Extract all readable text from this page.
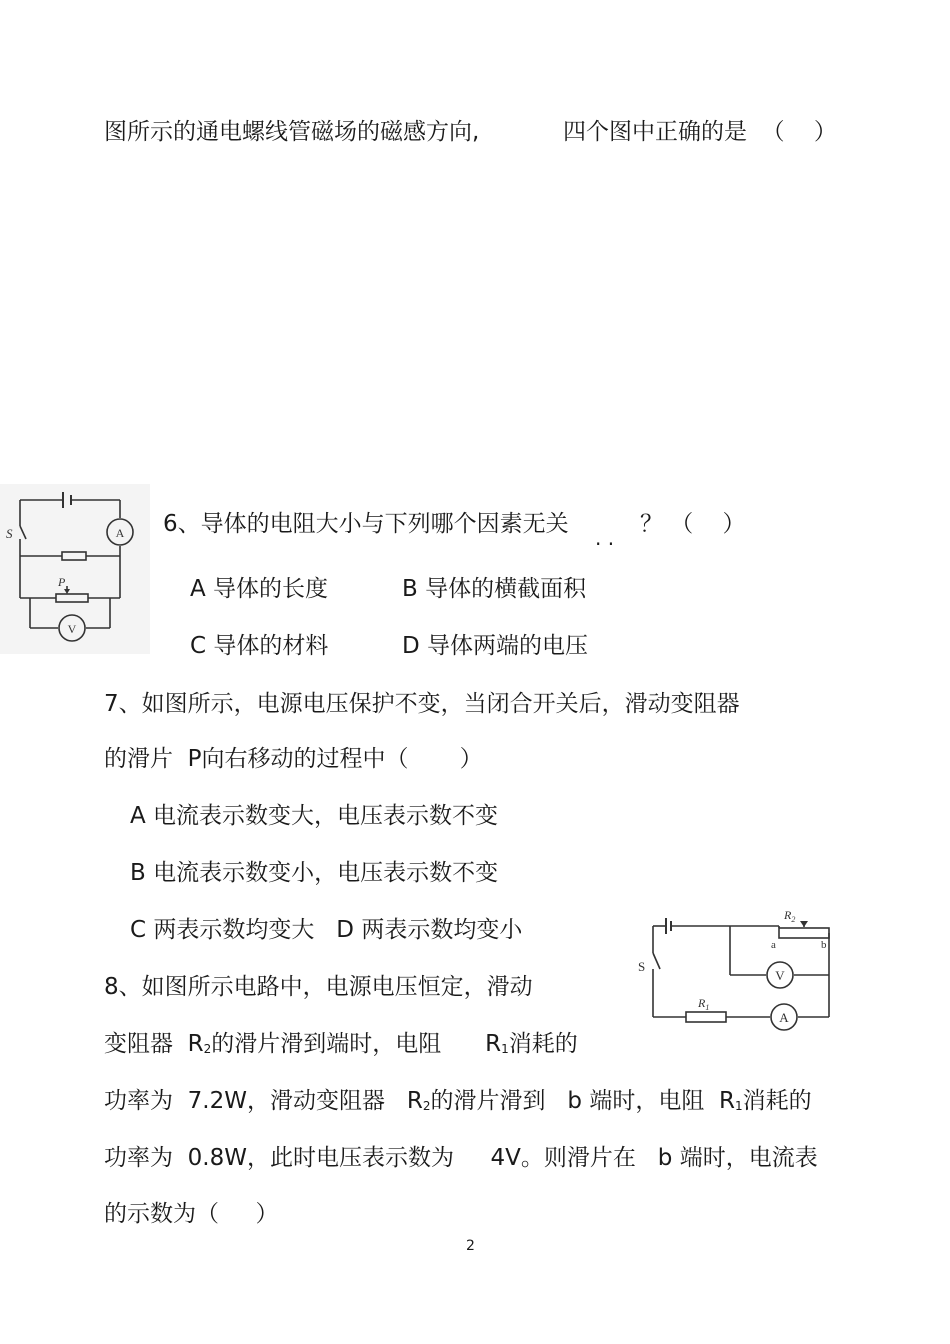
图所示的通电螺线管磁场的磁感方向,	四个图中正确的是  （    ）
A
V
S
P
6、导体的电阻大小与下列哪个因素无关
. .
？ （    ）
A 导体的长度	B 导体的横截面积
C 导体的材料	D 导体两端的电压
7、如图所示，电源电压保护不变，当闭合开关后，滑动变阻器
的滑片  P向右移动的过程中（       ）
A 电流表示数变大，电压表示数不变
B 电流表示数变小，电压表示数不变
C 两表示数均变大   D 两表示数均变小
V
A
$R_2$
$R_1$
a	b
S
8、如图所示电路中，电源电压恒定，滑动
变阻器  R2的滑片滑到端时，电阻      R1消耗的
功率为  7.2W，滑动变阻器   R2的滑片滑到   b 端时，电阻  R1消耗的
功率为  0.8W，此时电压表示数为     4V。则滑片在   b 端时，电流表
的示数为（     ）
2
